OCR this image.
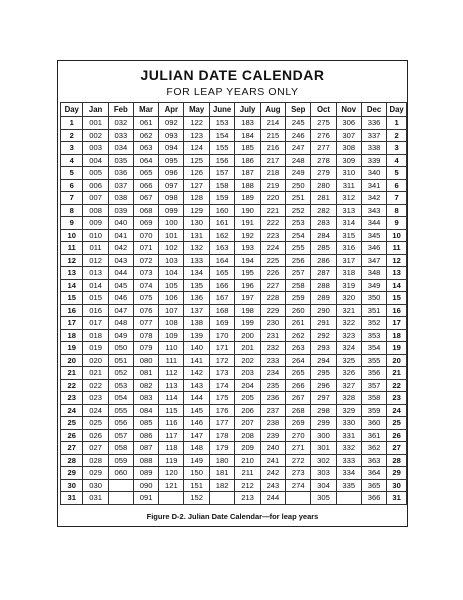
JULIAN DATE CALENDAR
FOR LEAP YEARS ONLY
Day	Jan	Feb	Mar	Apr	May	June	July	Aug	Sep	Oct	Nov	Dec	Day
1	001	032	061	092	122	153	183	214	245	275	306	336	1
2	002	033	062	093	123	154	184	215	246	276	307	337	2
3	003	034	063	094	124	155	185	216	247	277	308	338	3
4	004	035	064	095	125	156	186	217	248	278	309	339	4
5	005	036	065	096	126	157	187	218	249	279	310	340	5
6	006	037	066	097	127	158	188	219	250	280	311	341	6
7	007	038	067	098	128	159	189	220	251	281	312	342	7
8	008	039	068	099	129	160	190	221	252	282	313	343	8
9	009	040	069	100	130	161	191	222	253	283	314	344	9
10	010	041	070	101	131	162	192	223	254	284	315	345	10
11	011	042	071	102	132	163	193	224	255	285	316	346	11
12	012	043	072	103	133	164	194	225	256	286	317	347	12
13	013	044	073	104	134	165	195	226	257	287	318	348	13
14	014	045	074	105	135	166	196	227	258	288	319	349	14
15	015	046	075	106	136	167	197	228	259	289	320	350	15
16	016	047	076	107	137	168	198	229	260	290	321	351	16
17	017	048	077	108	138	169	199	230	261	291	322	352	17
18	018	049	078	109	139	170	200	231	262	292	323	353	18
19	019	050	079	110	140	171	201	232	263	293	324	354	19
20	020	051	080	111	141	172	202	233	264	294	325	355	20
21	021	052	081	112	142	173	203	234	265	295	326	356	21
22	022	053	082	113	143	174	204	235	266	296	327	357	22
23	023	054	083	114	144	175	205	236	267	297	328	358	23
24	024	055	084	115	145	176	206	237	268	298	329	359	24
25	025	056	085	116	146	177	207	238	269	299	330	360	25
26	026	057	086	117	147	178	208	239	270	300	331	361	26
27	027	058	087	118	148	179	209	240	271	301	332	362	27
28	028	059	088	119	149	180	210	241	272	302	333	363	28
29	029	060	089	120	150	181	211	242	273	303	334	364	29
30	030		090	121	151	182	212	243	274	304	335	365	30
31	031		091		152		213	244		305		366	31
Figure D-2. Julian Date Calendar—for leap years
